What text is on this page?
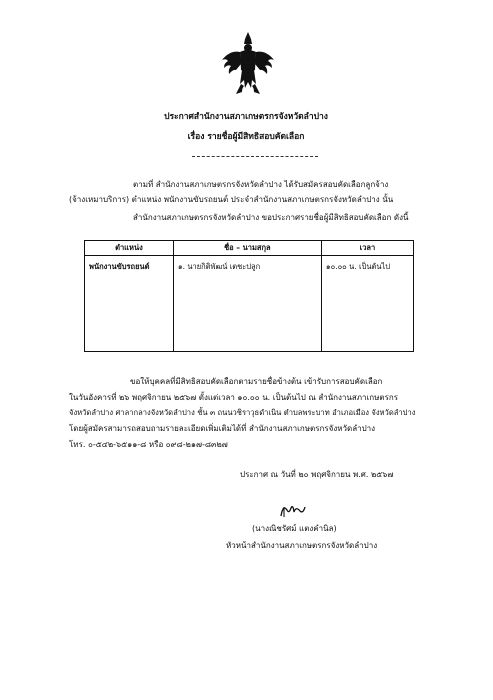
ประกาศสำนักงานสภาเกษตรกรจังหวัดลำปาง
เรื่อง รายชื่อผู้มีสิทธิสอบคัดเลือก
ตามที่ สำนักงานสภาเกษตรกรจังหวัดลำปาง ได้รับสมัครสอบคัดเลือกลูกจ้าง
(จ้างเหมาบริการ) ตำแหน่ง พนักงานขับรถยนต์ ประจำสำนักงานสภาเกษตรกรจังหวัดลำปาง นั้น
สำนักงานสภาเกษตรกรจังหวัดลำปาง ขอประกาศรายชื่อผู้มีสิทธิสอบคัดเลือก ดังนี้
ตำแหน่ง	ชื่อ – นามสกุล	เวลา
พนักงานขับรถยนต์	๑. นายกิติพัฒน์ เตชะปลูก	๑๐.๐๐ น. เป็นต้นไป
ขอให้บุคคลที่มีสิทธิสอบคัดเลือกตามรายชื่อข้างต้น เข้ารับการสอบคัดเลือก
ในวันอังคารที่ ๒๖ พฤศจิกายน ๒๕๖๗ ตั้งแต่เวลา ๑๐.๐๐ น. เป็นต้นไป ณ สำนักงานสภาเกษตรกร
จังหวัดลำปาง ศาลากลางจังหวัดลำปาง ชั้น ๓ ถนนวชิราวุธดำเนิน ตำบลพระบาท อำเภอเมือง จังหวัดลำปาง
โดยผู้สมัครสามารถสอบถามรายละเอียดเพิ่มเติมได้ที่ สำนักงานสภาเกษตรกรจังหวัดลำปาง
โทร. ๐-๕๔๒-๖๕๑๑-๘ หรือ ๐๙๘-๒๑๗-๘๓๒๗
ประกาศ ณ วันที่ ๒๐ พฤศจิกายน พ.ศ. ๒๕๖๗
(นางณิชรัศม์ แตงคำนิล)
หัวหน้าสำนักงานสภาเกษตรกรจังหวัดลำปาง
